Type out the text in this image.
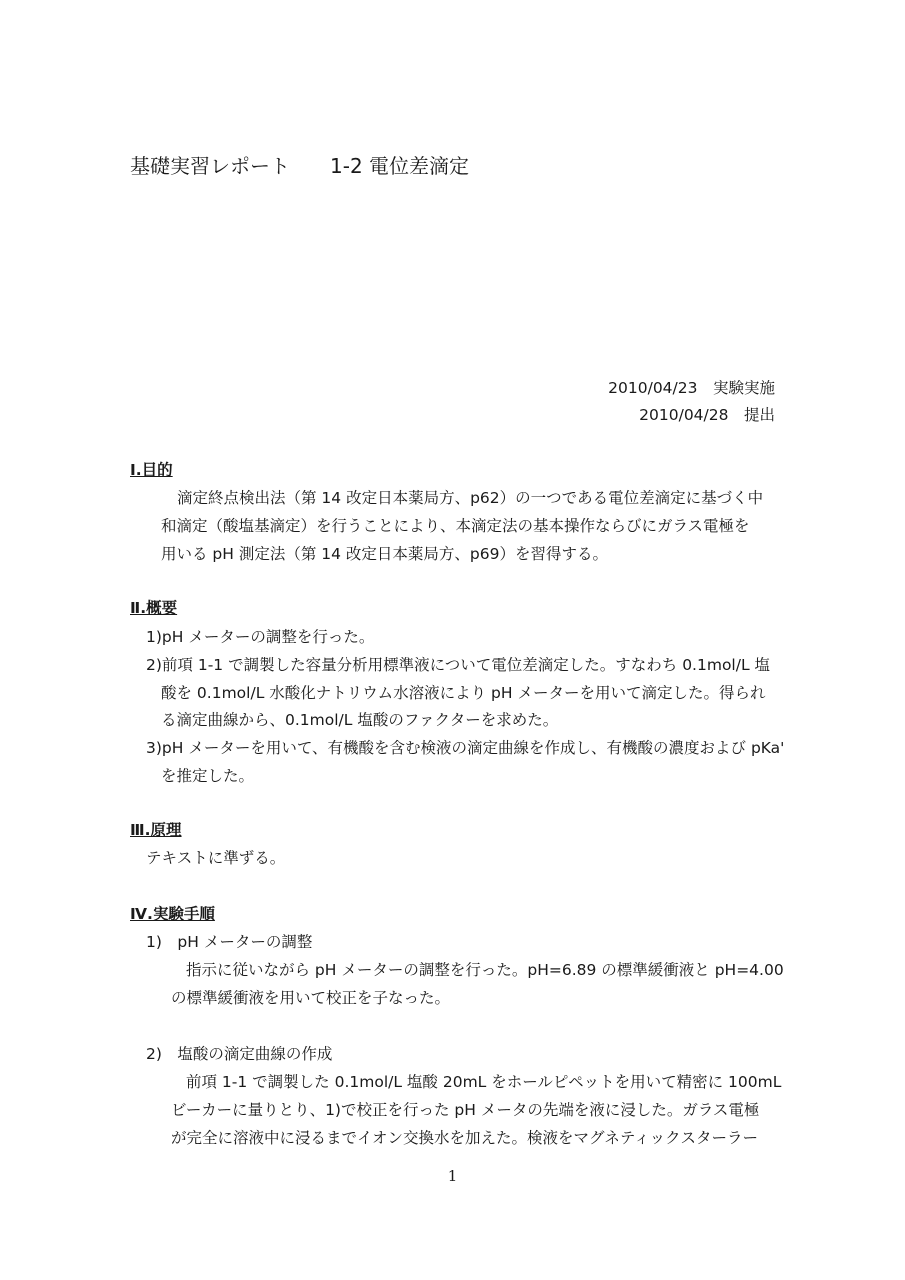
基礎実習レポート　　1-2 電位差滴定
2010/04/23　実験実施
2010/04/28　提出
Ⅰ.目的
滴定終点検出法（第 14 改定日本薬局方、p62）の一つである電位差滴定に基づく中
和滴定（酸塩基滴定）を行うことにより、本滴定法の基本操作ならびにガラス電極を
用いる pH 測定法（第 14 改定日本薬局方、p69）を習得する。
Ⅱ.概要
1)pH メーターの調整を行った。
2)前項 1-1 で調製した容量分析用標準液について電位差滴定した。すなわち 0.1mol/L 塩
酸を 0.1mol/L 水酸化ナトリウム水溶液により pH メーターを用いて滴定した。得られ
る滴定曲線から、0.1mol/L 塩酸のファクターを求めた。
3)pH メーターを用いて、有機酸を含む検液の滴定曲線を作成し、有機酸の濃度および pKa'
を推定した。
Ⅲ.原理
テキストに準ずる。
Ⅳ.実験手順
1)　pH メーターの調整
指示に従いながら pH メーターの調整を行った。pH=6.89 の標準緩衝液と pH=4.00
の標準緩衝液を用いて校正を子なった。
2)　塩酸の滴定曲線の作成
前項 1-1 で調製した 0.1mol/L 塩酸 20mL をホールピペットを用いて精密に 100mL
ビーカーに量りとり、1)で校正を行った pH メータの先端を液に浸した。ガラス電極
が完全に溶液中に浸るまでイオン交換水を加えた。検液をマグネティックスターラー
1
